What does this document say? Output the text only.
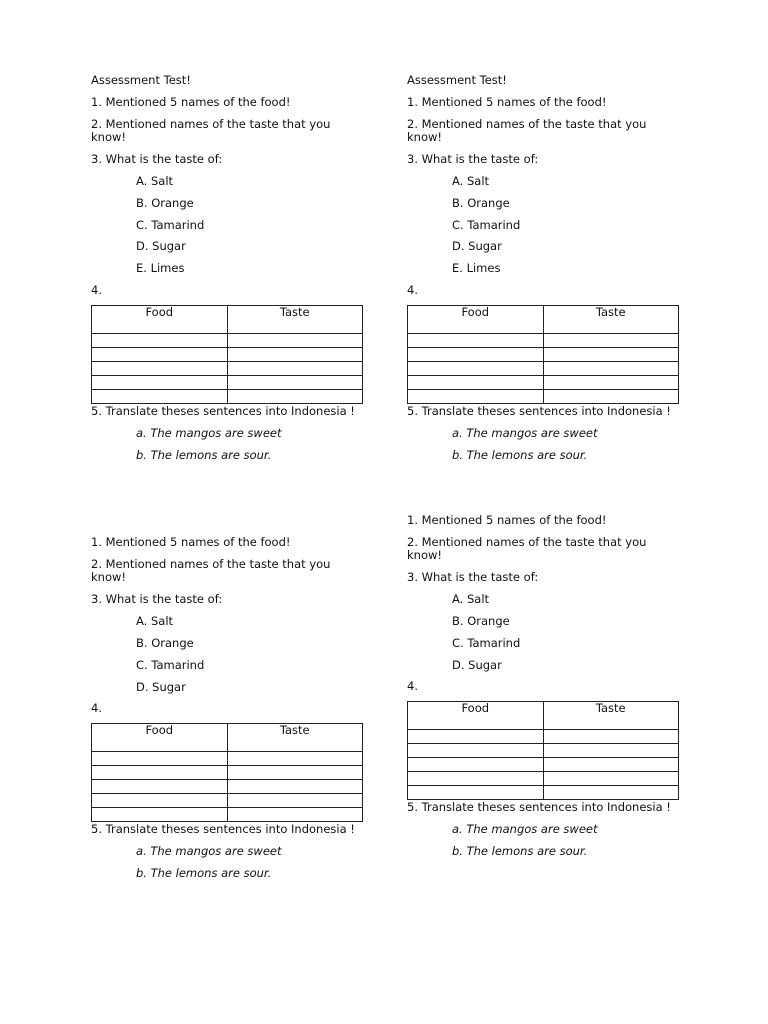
Assessment Test!
1. Mentioned 5 names of the food!
2. Mentioned names of the taste that you know!
3. What is the taste of:
A. Salt
B. Orange
C. Tamarind
D. Sugar
E. Limes
4.
Food	Taste

5. Translate theses sentences into Indonesia !
a. The mangos are sweet
b. The lemons are sour.
Assessment Test!
1. Mentioned 5 names of the food!
2. Mentioned names of the taste that you know!
3. What is the taste of:
A. Salt
B. Orange
C. Tamarind
D. Sugar
E. Limes
4.
Food	Taste

5. Translate theses sentences into Indonesia !
a. The mangos are sweet
b. The lemons are sour.
1. Mentioned 5 names of the food!
2. Mentioned names of the taste that you know!
3. What is the taste of:
A. Salt
B. Orange
C. Tamarind
D. Sugar
4.
Food	Taste

5. Translate theses sentences into Indonesia !
a. The mangos are sweet
b. The lemons are sour.
1. Mentioned 5 names of the food!
2. Mentioned names of the taste that you know!
3. What is the taste of:
A. Salt
B. Orange
C. Tamarind
D. Sugar
4.
Food	Taste

5. Translate theses sentences into Indonesia !
a. The mangos are sweet
b. The lemons are sour.
